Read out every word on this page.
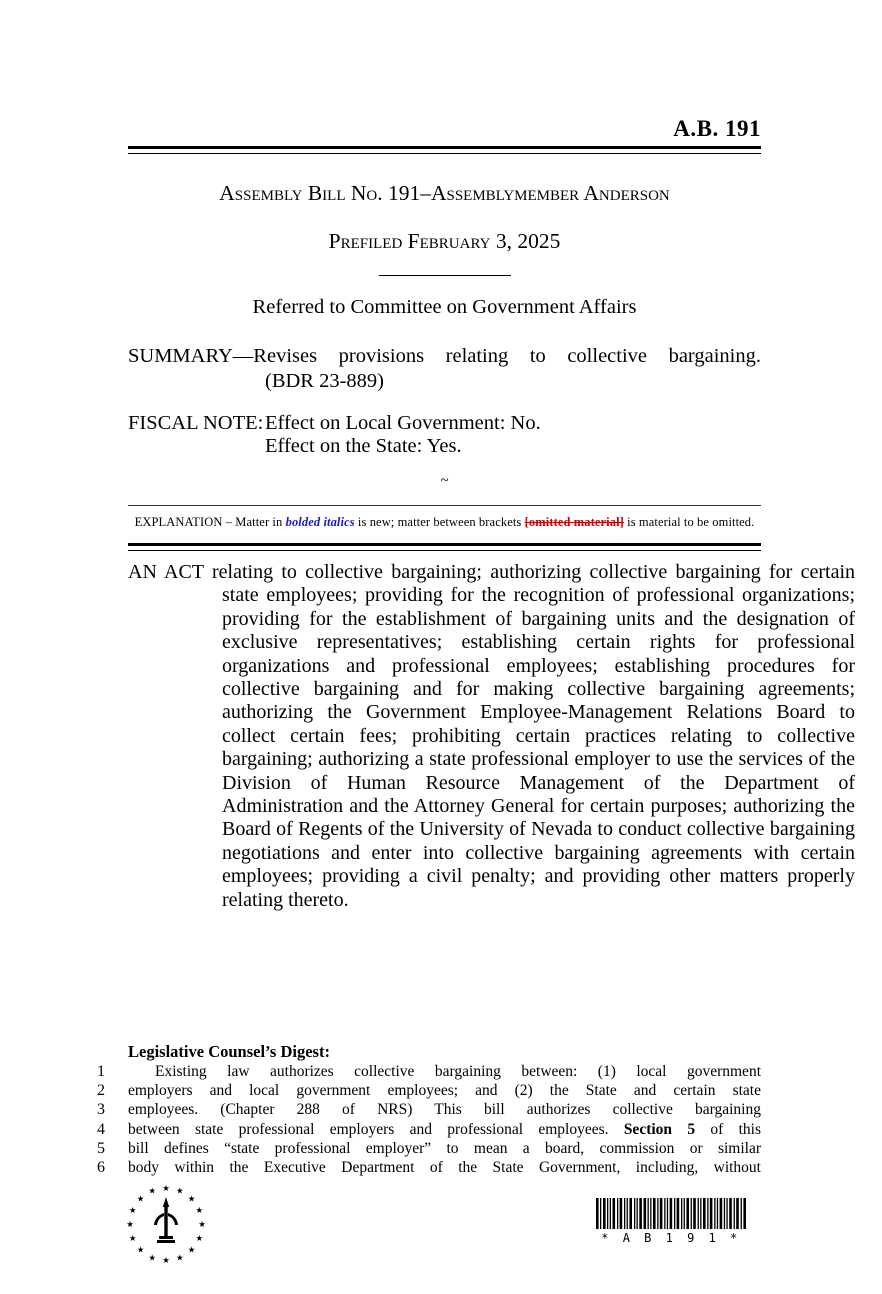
A.B. 191
Assembly Bill No. 191–Assemblymember Anderson
Prefiled February 3, 2025
Referred to Committee on Government Affairs
SUMMARY—Revises provisions relating to collective bargaining.
(BDR 23-889)
FISCAL NOTE: Effect on Local Government: No.
Effect on the State: Yes.
~
EXPLANATION – Matter in bolded italics is new; matter between brackets [omitted material] is material to be omitted.
AN ACT relating to collective bargaining; authorizing collective bargaining for certain state employees; providing for the recognition of professional organizations; providing for the establishment of bargaining units and the designation of exclusive representatives; establishing certain rights for professional organizations and professional employees; establishing procedures for collective bargaining and for making collective bargaining agreements; authorizing the Government Employee-Management Relations Board to collect certain fees; prohibiting certain practices relating to collective bargaining; authorizing a state professional employer to use the services of the Division of Human Resource Management of the Department of Administration and the Attorney General for certain purposes; authorizing the Board of Regents of the University of Nevada to conduct collective bargaining negotiations and enter into collective bargaining agreements with certain employees; providing a civil penalty; and providing other matters properly relating thereto.
Legislative Counsel’s Digest:
1	Existing law authorizes collective bargaining between: (1) local government
2 employers and local government employees; and (2) the State and certain state
3 employees. (Chapter 288 of NRS) This bill authorizes collective bargaining
4 between state professional employers and professional employees. Section 5 of this
5 bill defines “state professional employer” to mean a board, commission or similar
6 body within the Executive Department of the State Government, including, without
★
★
★
★
★
★
★
★
★
★
★
★ ★ ★
★
★
* A B 1 9 1 *
